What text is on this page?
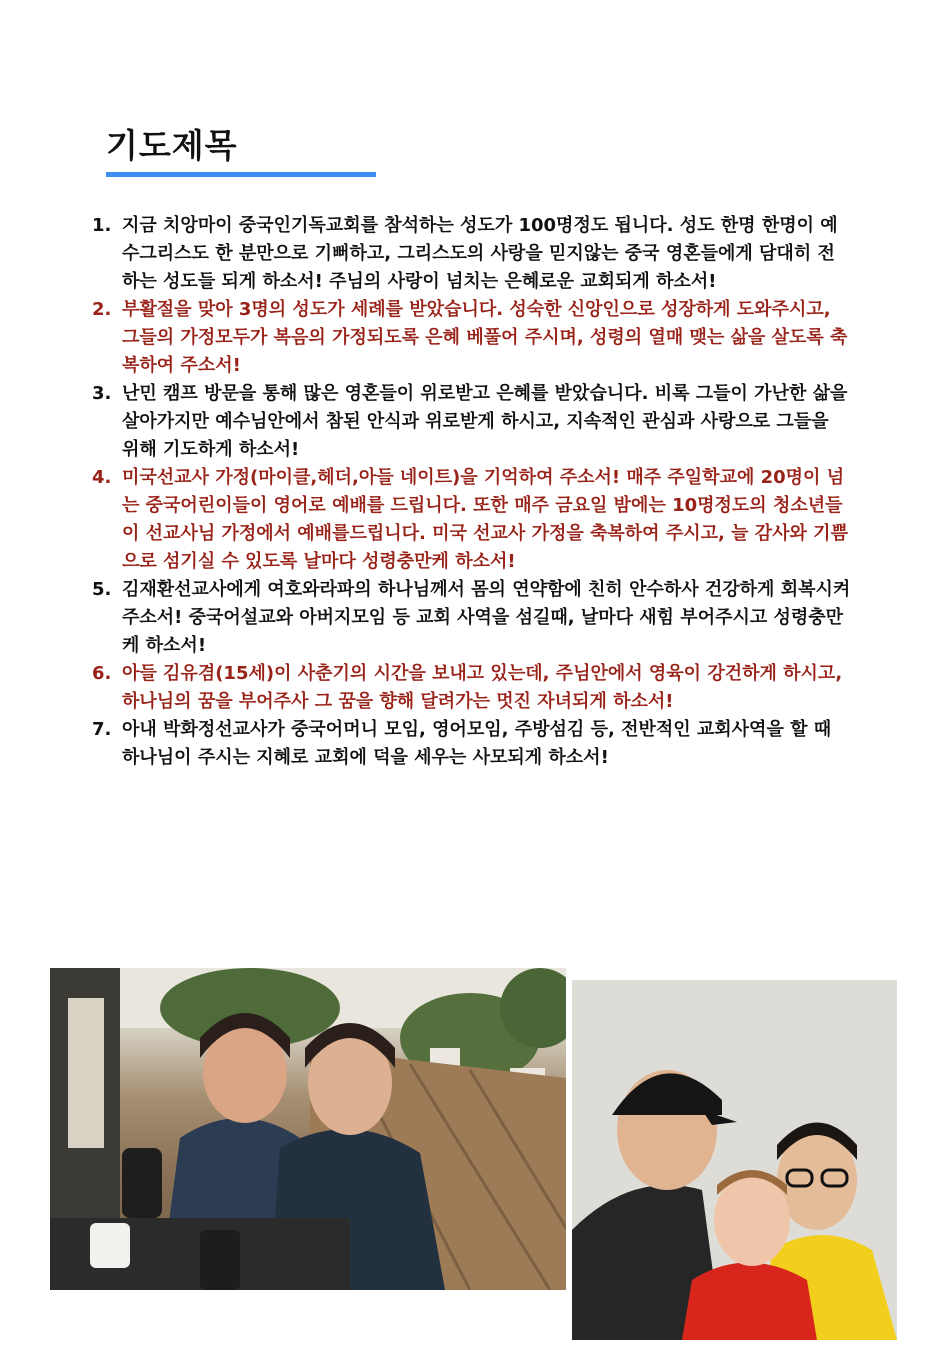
기도제목
1. 지금 치앙마이 중국인기독교회를 참석하는 성도가 100명정도 됩니다. 성도 한명 한명이 예수그리스도 한 분만으로 기뻐하고, 그리스도의 사랑을 믿지않는 중국 영혼들에게 담대히 전하는 성도들 되게 하소서! 주님의 사랑이 넘치는 은혜로운 교회되게 하소서!
2. 부활절을 맞아 3명의 성도가 세례를 받았습니다. 성숙한 신앙인으로 성장하게 도와주시고, 그들의 가정모두가 복음의 가정되도록 은혜 베풀어 주시며, 성령의 열매 맺는 삶을 살도록 축복하여 주소서!
3. 난민 캠프 방문을 통해 많은 영혼들이 위로받고 은혜를 받았습니다. 비록 그들이 가난한 삶을 살아가지만 예수님안에서 참된 안식과 위로받게 하시고, 지속적인 관심과 사랑으로 그들을 위해 기도하게 하소서!
4. 미국선교사 가정(마이클,헤더,아들 네이트)을 기억하여 주소서! 매주 주일학교에 20명이 넘는 중국어린이들이 영어로 예배를 드립니다. 또한 매주 금요일 밤에는 10명정도의 청소년들이 선교사님 가정에서 예배를드립니다. 미국 선교사 가정을 축복하여 주시고, 늘 감사와 기쁨으로 섬기실 수 있도록 날마다 성령충만케 하소서!
5. 김재환선교사에게 여호와라파의 하나님께서 몸의 연약함에 친히 안수하사 건강하게 회복시켜 주소서! 중국어설교와 아버지모임 등 교회 사역을 섬길때, 날마다 새힘 부어주시고 성령충만케 하소서!
6. 아들 김유겸(15세)이 사춘기의 시간을 보내고 있는데, 주님안에서 영육이 강건하게 하시고, 하나님의 꿈을 부어주사 그 꿈을 향해 달려가는 멋진 자녀되게 하소서!
7. 아내 박화정선교사가 중국어머니 모임, 영어모임, 주방섬김 등, 전반적인 교회사역을 할 때 하나님이 주시는 지혜로 교회에 덕을 세우는 사모되게 하소서!
